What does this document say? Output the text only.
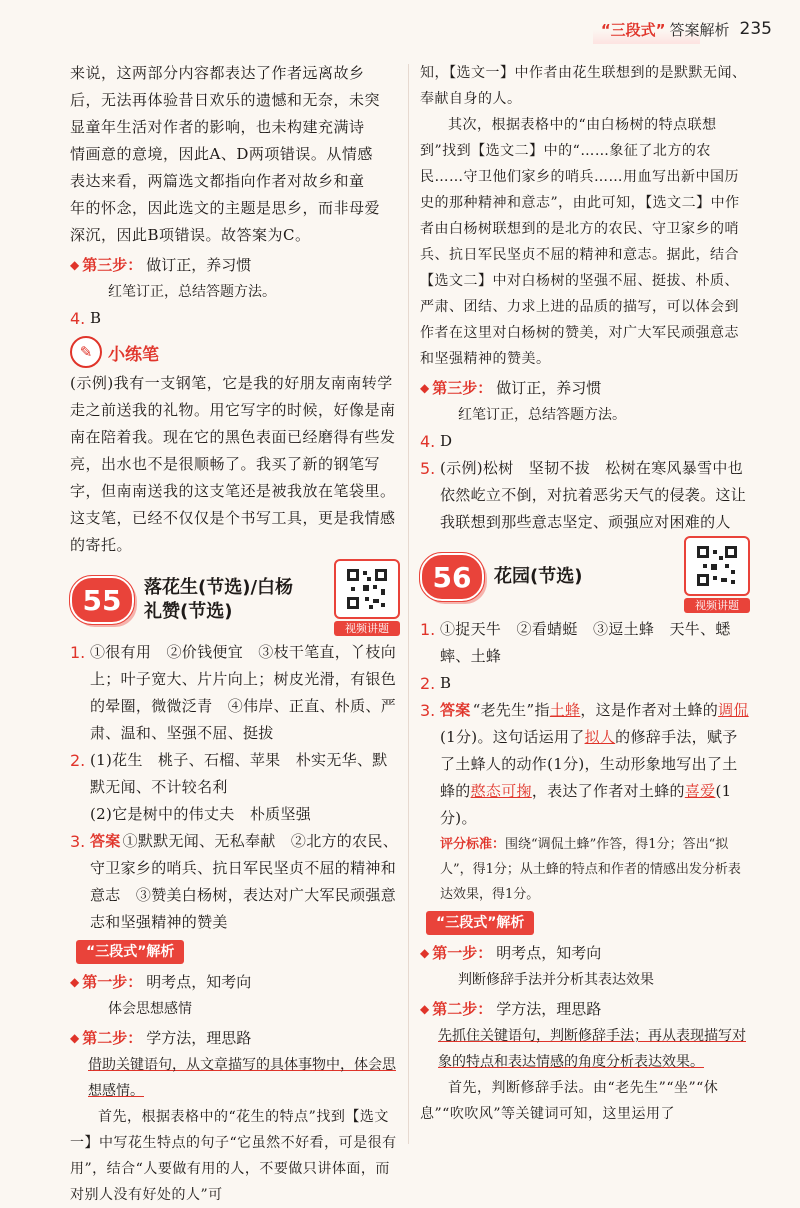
“三段式” 答案解析 235

来说，这两部分内容都表达了作者远离故乡

后，无法再体验昔日欢乐的遗憾和无奈，未突

显童年生活对作者的影响，也未构建充满诗

情画意的意境，因此A、D两项错误。从情感

表达来看，两篇选文都指向作者对故乡和童

年的怀念，因此选文的主题是思乡，而非母爱

深沉，因此B项错误。故答案为C。

◆ 第三步： 做订正，养习惯

红笔订正，总结答题方法。

4. B
✎ 小练笔

(示例)我有一支钢笔，它是我的好朋友南南转学走之前送我的礼物。用它写字的时候，好像是南南在陪着我。现在它的黑色表面已经磨得有些发亮，出水也不是很顺畅了。我买了新的钢笔写字，但南南送我的这支笔还是被我放在笔袋里。这支笔，已经不仅仅是个书写工具，更是我情感的寄托。

55	落花生(节选)/白杨礼赞(节选)
视频讲题
1. ①很有用　②价钱便宜　③枝干笔直，丫枝向上；叶子宽大、片片向上；树皮光滑，有银色的晕圈，微微泛青　④伟岸、正直、朴质、严肃、温和、坚强不屈、挺拔
2. (1)花生　桃子、石榴、苹果　朴实无华、默默无闻、不计较名利
(2)它是树中的伟丈夫　朴质坚强
3. 答案 ①默默无闻、无私奉献　②北方的农民、守卫家乡的哨兵、抗日军民坚贞不屈的精神和意志　③赞美白杨树，表达对广大军民顽强意志和坚强精神的赞美
“三段式”解析
◆ 第一步： 明考点，知考向

体会思想感情

◆ 第二步： 学方法，理思路

借助关键语句，从文章描写的具体事物中，体会思想感情。

首先，根据表格中的“花生的特点”找到【选文一】中写花生特点的句子“它虽然不好看，可是很有用”，结合“人要做有用的人，不要做只讲体面，而对别人没有好处的人”可

知，【选文一】中作者由花生联想到的是默默无闻、奉献自身的人。

其次，根据表格中的“由白杨树的特点联想到”找到【选文二】中的“……象征了北方的农民……守卫他们家乡的哨兵……用血写出新中国历史的那种精神和意志”，由此可知，【选文二】中作者由白杨树联想到的是北方的农民、守卫家乡的哨兵、抗日军民坚贞不屈的精神和意志。据此，结合【选文二】中对白杨树的坚强不屈、挺拔、朴质、严肃、团结、力求上进的品质的描写，可以体会到作者在这里对白杨树的赞美，对广大军民顽强意志和坚强精神的赞美。

◆ 第三步： 做订正，养习惯

红笔订正，总结答题方法。

4. D
5. (示例)松树　坚韧不拔　松树在寒风暴雪中也依然屹立不倒，对抗着恶劣天气的侵袭。这让我联想到那些意志坚定、顽强应对困难的人
56	花园(节选)
视频讲题
1. ①捉天牛　②看蜻蜓　③逗土蜂　天牛、蟋蟀、土蜂
2. B
3. 答案 “老先生”指土蜂，这是作者对土蜂的调侃(1分)。这句话运用了拟人的修辞手法，赋予了土蜂人的动作(1分)，生动形象地写出了土蜂的憨态可掬，表达了作者对土蜂的喜爱(1分)。

评分标准：围绕“调侃土蜂”作答，得1分；答出“拟人”，得1分；从土蜂的特点和作者的情感出发分析表达效果，得1分。

“三段式”解析
◆ 第一步： 明考点，知考向

判断修辞手法并分析其表达效果

◆ 第二步： 学方法，理思路

先抓住关键语句，判断修辞手法；再从表现描写对象的特点和表达情感的角度分析表达效果。

首先，判断修辞手法。由“老先生”“坐”“休息”“吹吹风”等关键词可知，这里运用了
